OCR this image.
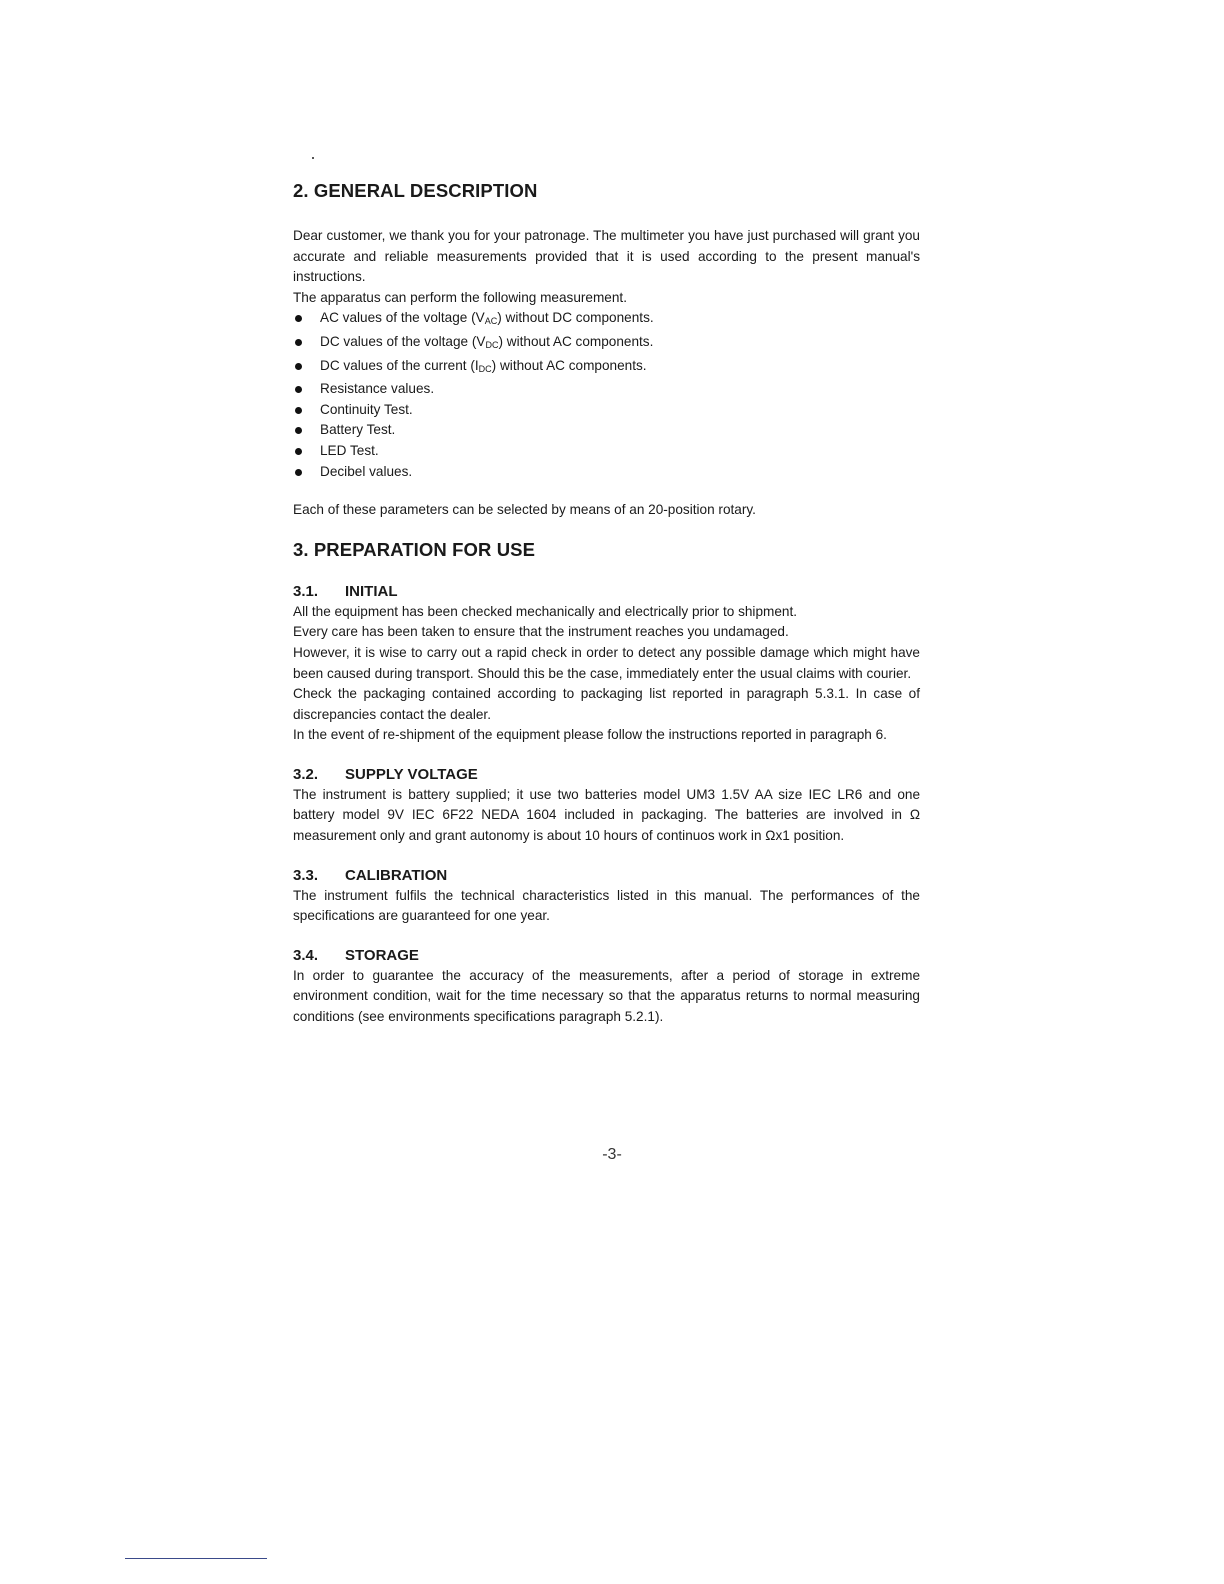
2. GENERAL DESCRIPTION

Dear customer, we thank you for your patronage. The multimeter you have just purchased will grant you accurate and reliable measurements provided that it is used according to the present manual's instructions.

The apparatus can perform the following measurement.

AC values of the voltage $(V_{AC})$ without DC components.
DC values of the voltage $(V_{DC})$ without AC components.
DC values of the current $(I_{DC})$ without AC components.
Resistance values.
Continuity Test.
Battery Test.
LED Test.
Decibel values.

Each of these parameters can be selected by means of an 20-position rotary.

3. PREPARATION FOR USE
3.1.	INITIAL

All the equipment has been checked mechanically and electrically prior to shipment.

Every care has been taken to ensure that the instrument reaches you undamaged.

However, it is wise to carry out a rapid check in order to detect any possible damage which might have been caused during transport. Should this be the case, immediately enter the usual claims with courier.

Check the packaging contained according to packaging list reported in paragraph 5.3.1. In case of discrepancies contact the dealer.

In the event of re-shipment of the equipment please follow the instructions reported in paragraph 6.

3.2.	SUPPLY VOLTAGE

The instrument is battery supplied; it use two batteries model UM3 1.5V AA size IEC LR6 and one battery model 9V IEC 6F22 NEDA 1604 included in packaging. The batteries are involved in Ω measurement only and grant autonomy is about 10 hours of continuos work in Ωx1 position.

3.3.	CALIBRATION

The instrument fulfils the technical characteristics listed in this manual. The performances of the specifications are guaranteed for one year.

3.4.	STORAGE

In order to guarantee the accuracy of the measurements, after a period of storage in extreme environment condition, wait for the time necessary so that the apparatus returns to normal measuring conditions (see environments specifications paragraph 5.2.1).

-3-
